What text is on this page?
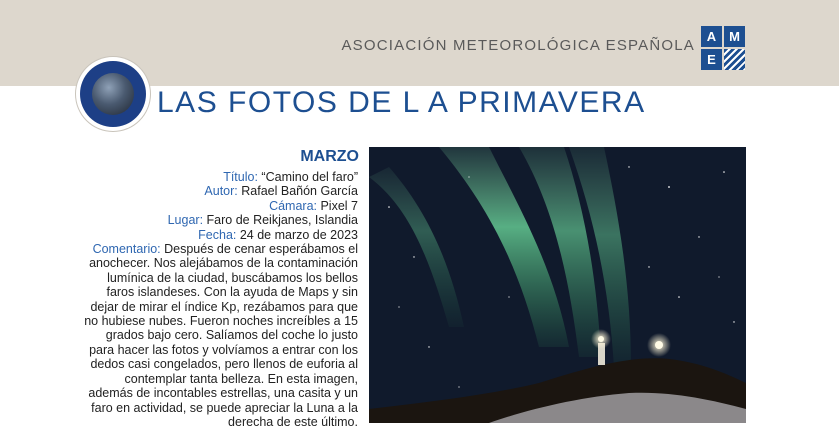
ASOCIACIÓN METEOROLÓGICA ESPAÑOLA
A M
E
LAS FOTOS DE L A PRIMAVERA
MARZO

Título: “Camino del faro”

Autor: Rafael Bañón García

Cámara: Pixel 7

Lugar: Faro de Reikjanes, Islandia

Fecha: 24 de marzo de 2023

Comentario: Después de cenar esperábamos el anochecer. Nos alejábamos de la contaminación lumínica de la ciudad, buscábamos los bellos faros islandeses. Con la ayuda de Maps y sin dejar de mirar el índice Kp, rezábamos para que no hubiese nubes. Fueron noches increíbles a 15 grados bajo cero. Salíamos del coche lo justo para hacer las fotos y volvíamos a entrar con los dedos casi congelados, pero llenos de euforia al contemplar tanta belleza. En esta imagen, además de incontables estrellas, una casita y un faro en actividad, se puede apreciar la Luna a la derecha de este último.
